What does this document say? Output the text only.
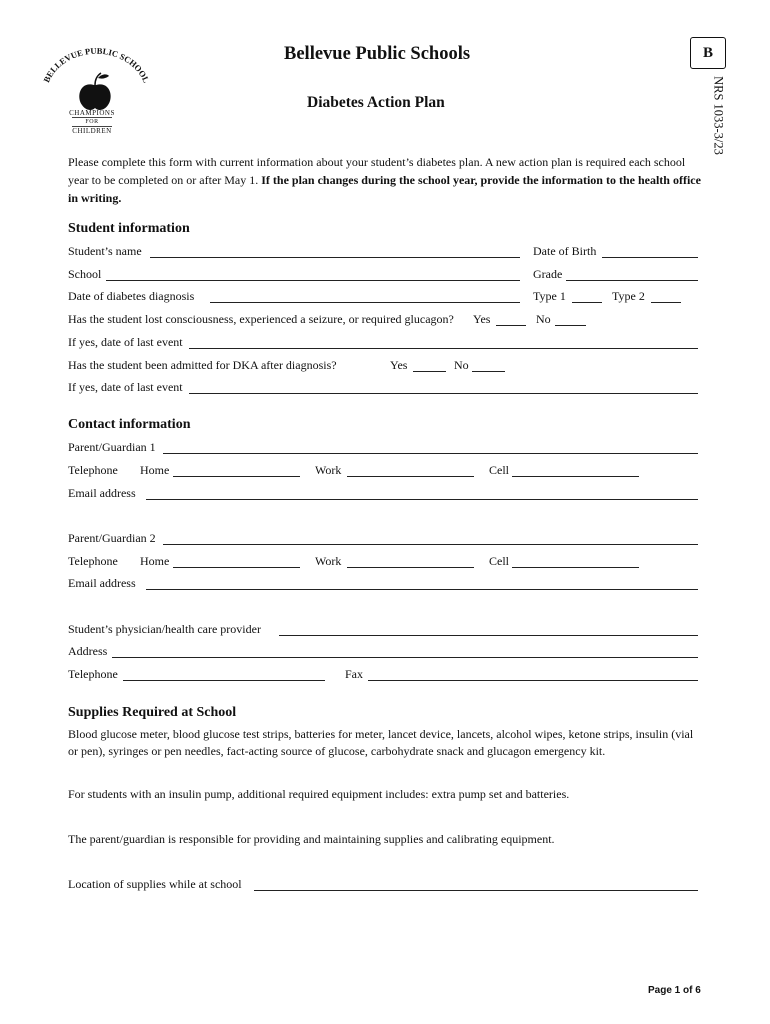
BELLEVUE PUBLIC SCHOO
CHAMPIONS
FOR
CHILDREN
Bellevue Public Schools
Diabetes Action Plan
B
NRS 1033-3/23
Please complete this form with current information about your student’s diabetes plan. A new action plan is required each school year to be completed on or after May 1. If the plan changes during the school year, provide the information to the health office in writing.
Student information
Student’s name	Date of Birth
School	Grade
Date of diabetes diagnosis	Type 1	Type 2
Has the student lost consciousness, experienced a seizure, or required glucagon? Yes	No
If yes, date of last event
Has the student been admitted for DKA after diagnosis?	Yes	No
If yes, date of last event
Contact information
Parent/Guardian 1
Telephone Home	Work	Cell
Email address
Parent/Guardian 2
Telephone Home	Work	Cell
Email address
Student’s physician/health care provider
Address
Telephone	Fax
Supplies Required at School
Blood glucose meter, blood glucose test strips, batteries for meter, lancet device, lancets, alcohol wipes, ketone strips, insulin (vial or pen), syringes or pen needles, fact-acting source of glucose, carbohydrate snack and glucagon emergency kit.
For students with an insulin pump, additional required equipment includes: extra pump set and batteries.
The parent/guardian is responsible for providing and maintaining supplies and calibrating equipment.
Location of supplies while at school
Page 1 of 6
